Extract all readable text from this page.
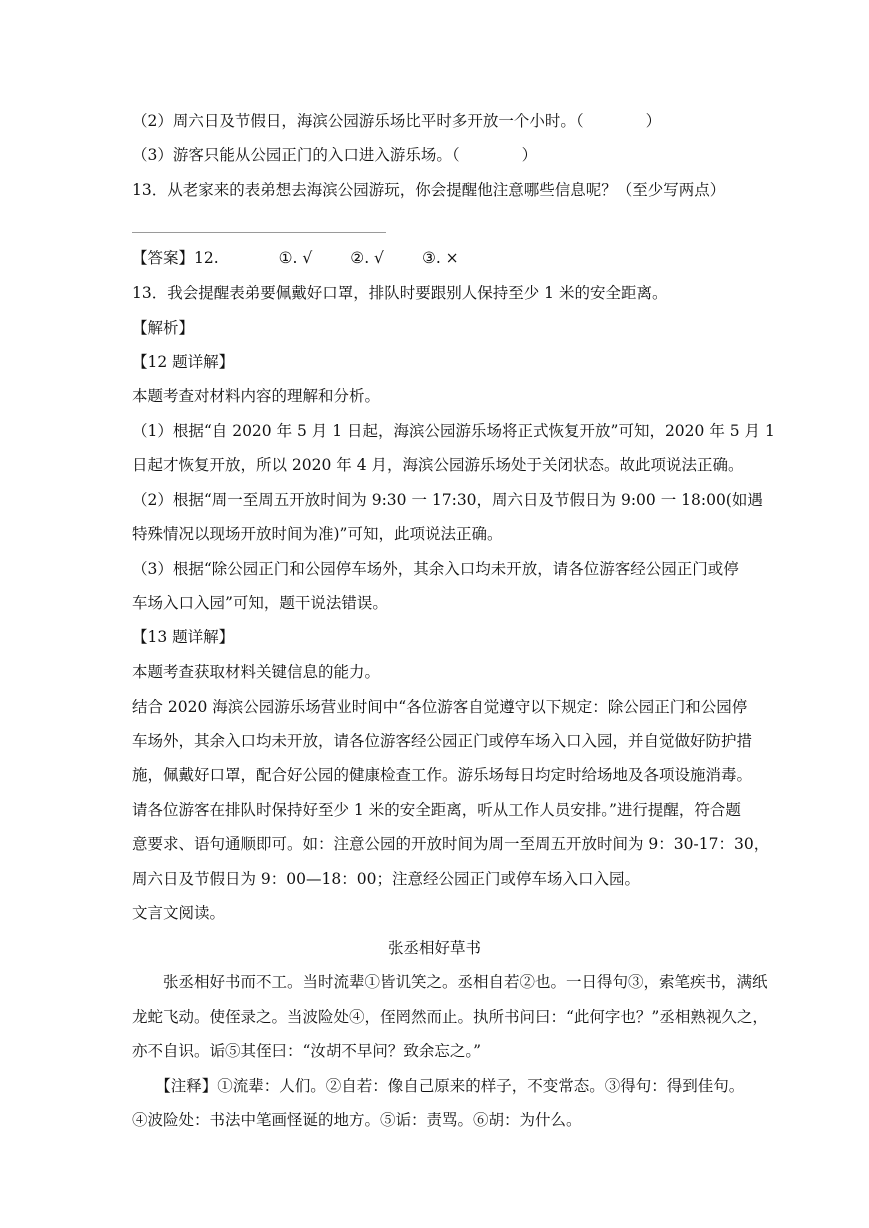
（2）周六日及节假日，海滨公园游乐场比平时多开放一个小时。（　　　　）
（3）游客只能从公园正门的入口进入游乐场。（　　　　）
13．从老家来的表弟想去海滨公园游玩，你会提醒他注意哪些信息呢？（至少写两点）
【答案】12.	①. √ ②. √ ③. ×
13．我会提醒表弟要佩戴好口罩，排队时要跟别人保持至少 1 米的安全距离。
【解析】
【12 题详解】
本题考查对材料内容的理解和分析。
（1）根据“自 2020 年 5 月 1 日起，海滨公园游乐场将正式恢复开放”可知，2020 年 5 月 1
日起才恢复开放，所以 2020 年 4 月，海滨公园游乐场处于关闭状态。故此项说法正确。
（2）根据“周一至周五开放时间为 9:30 一 17:30，周六日及节假日为 9:00 一 18:00(如遇
特殊情况以现场开放时间为准)”可知，此项说法正确。
（3）根据“除公园正门和公园停车场外，其余入口均未开放，请各位游客经公园正门或停
车场入口入园”可知，题干说法错误。
【13 题详解】
本题考查获取材料关键信息的能力。
结合 2020 海滨公园游乐场营业时间中“各位游客自觉遵守以下规定：除公园正门和公园停
车场外，其余入口均未开放，请各位游客经公园正门或停车场入口入园，并自觉做好防护措
施，佩戴好口罩，配合好公园的健康检查工作。游乐场每日均定时给场地及各项设施消毒。
请各位游客在排队时保持好至少 1 米的安全距离，听从工作人员安排。”进行提醒，符合题
意要求、语句通顺即可。如：注意公园的开放时间为周一至周五开放时间为 9：30-17：30，
周六日及节假日为 9：00—18：00；注意经公园正门或停车场入口入园。
文言文阅读。
张丞相好草书
　　张丞相好书而不工。当时流辈①皆讥笑之。丞相自若②也。一日得句③，索笔疾书，满纸
龙蛇飞动。使侄录之。当波险处④，侄罔然而止。执所书问曰：“此何字也？”丞相熟视久之，
亦不自识。诟⑤其侄曰：“汝胡不早问？致余忘之。”
　　【注释】①流辈：人们。②自若：像自己原来的样子，不变常态。③得句：得到佳句。
④波险处：书法中笔画怪诞的地方。⑤诟：责骂。⑥胡：为什么。
